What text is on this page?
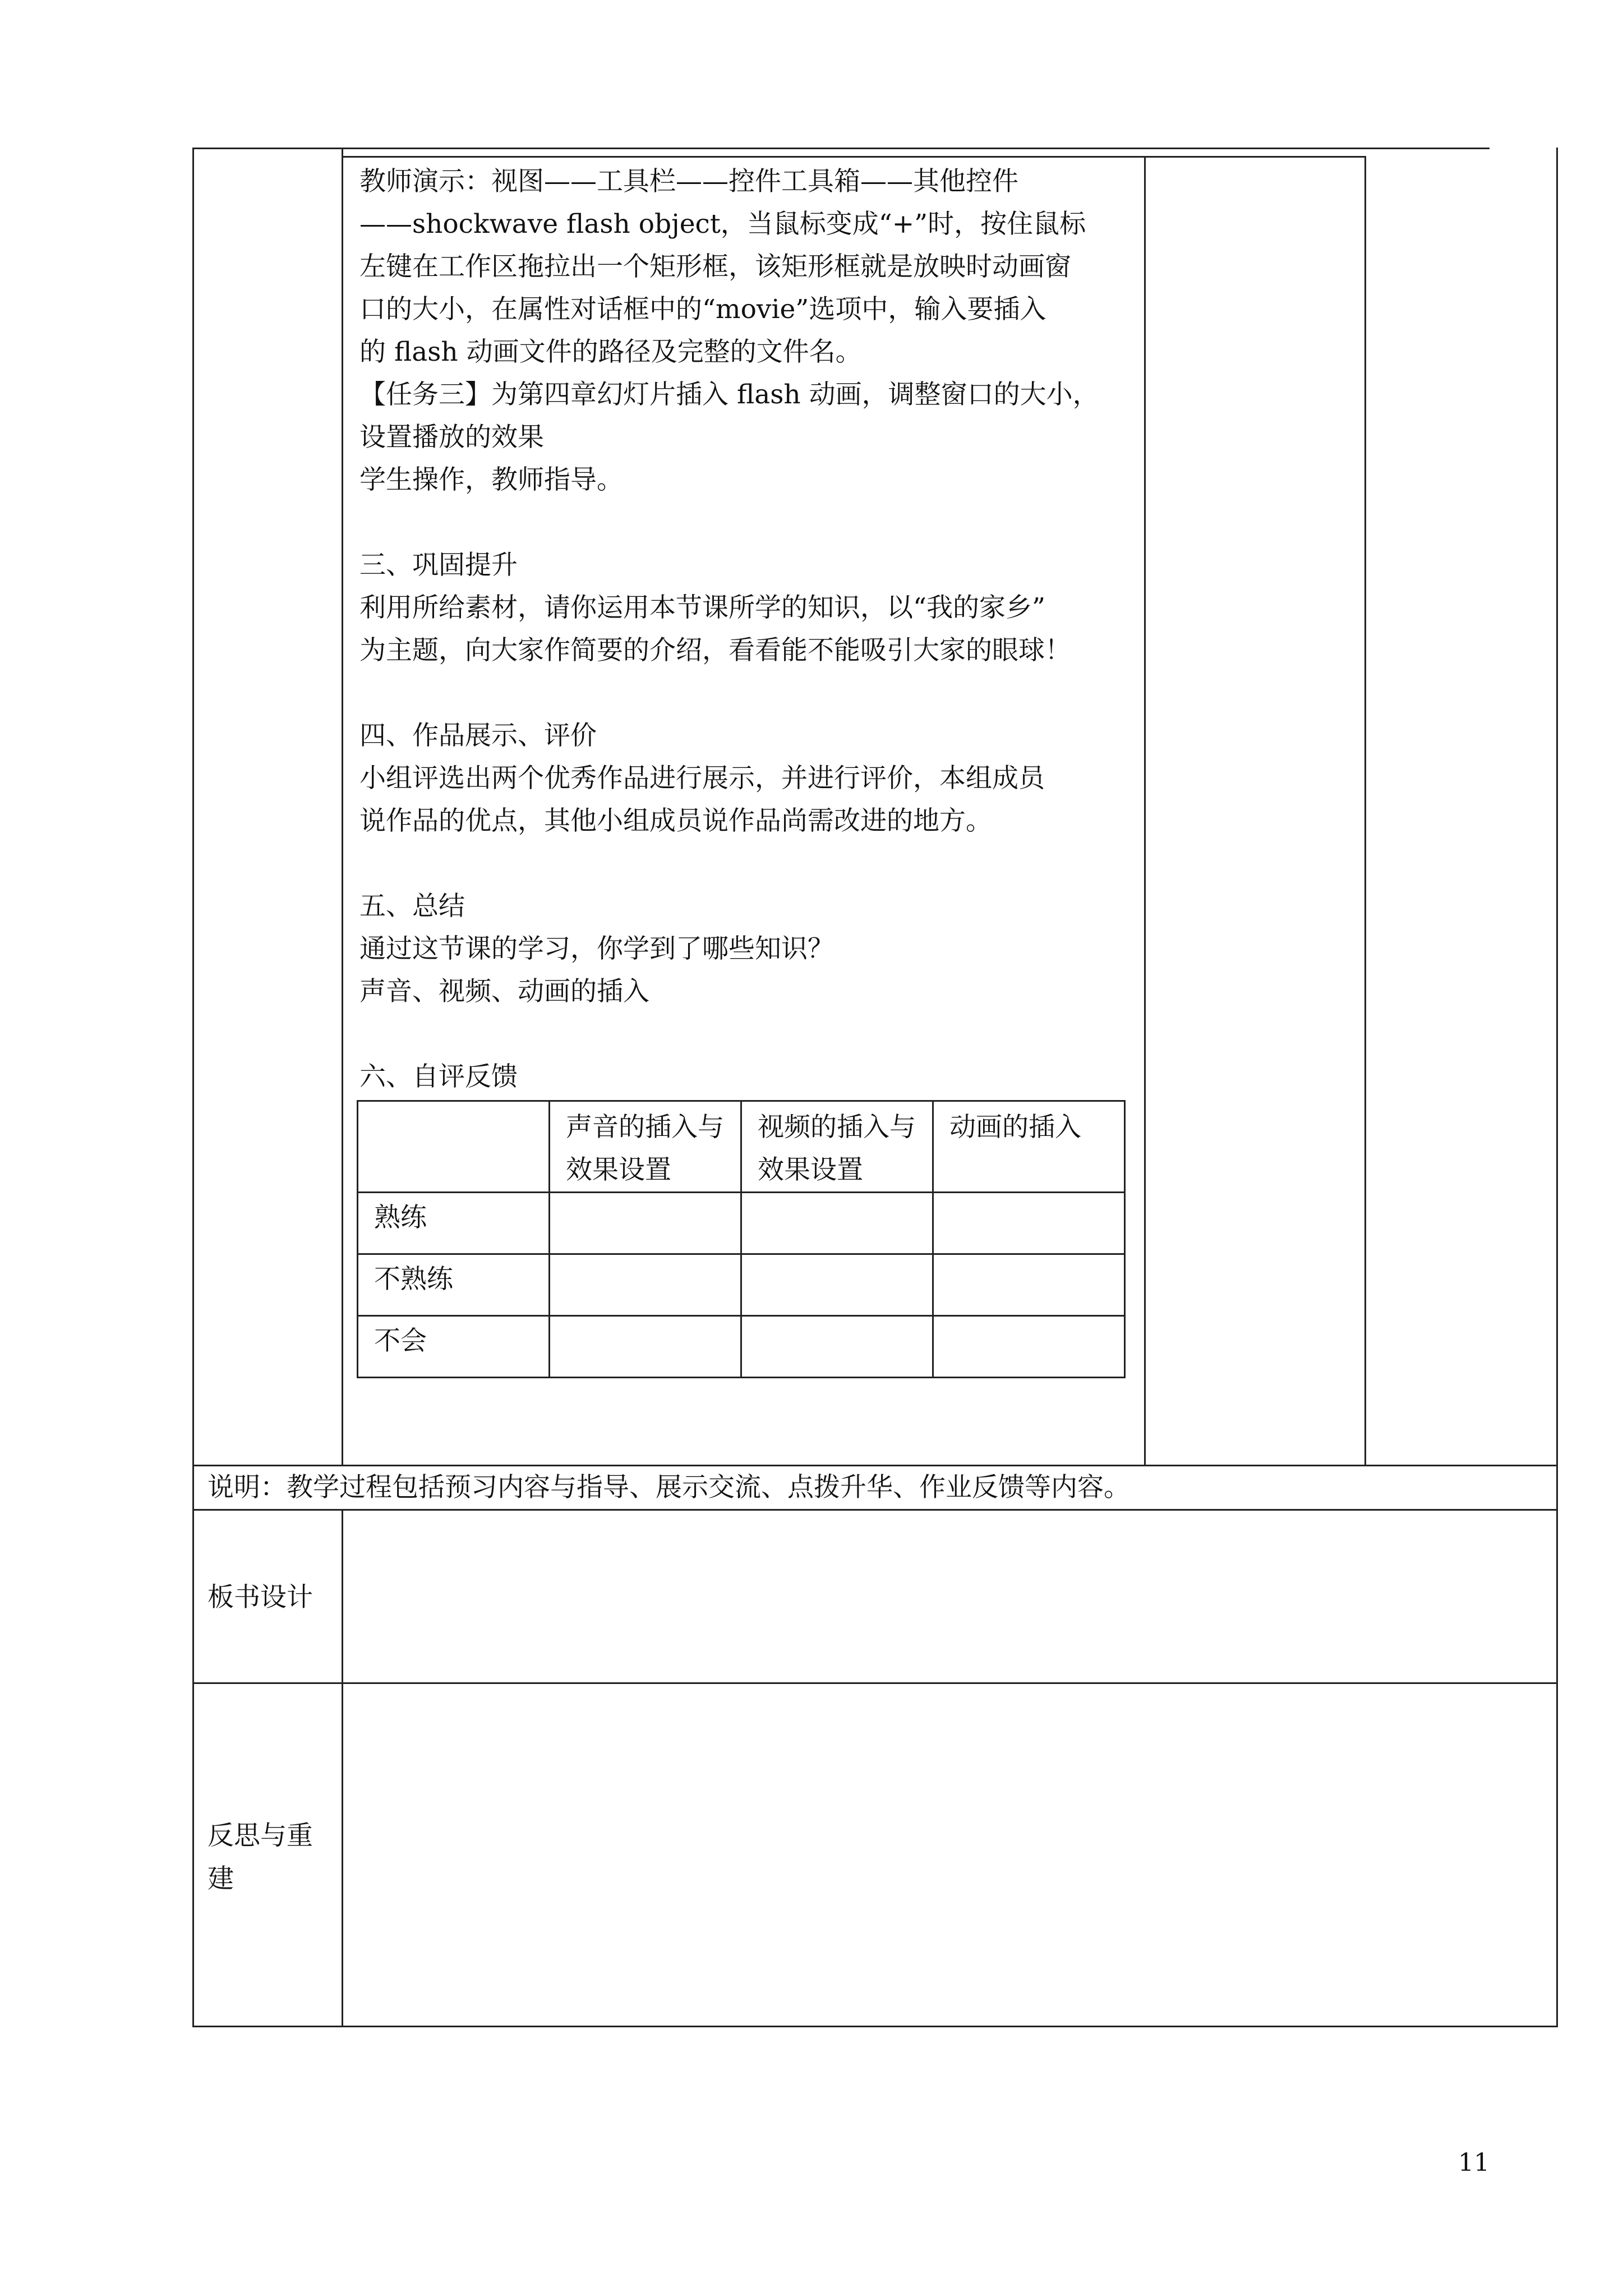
教师演示：视图——工具栏——控件工具箱——其他控件
——shockwave flash object，当鼠标变成“+”时，按住鼠标
左键在工作区拖拉出一个矩形框，该矩形框就是放映时动画窗
口的大小，在属性对话框中的“movie”选项中，输入要插入
的 flash 动画文件的路径及完整的文件名。
【任务三】为第四章幻灯片插入 flash 动画，调整窗口的大小，
设置播放的效果
学生操作，教师指导。
三、巩固提升
利用所给素材，请你运用本节课所学的知识，以“我的家乡”
为主题，向大家作简要的介绍，看看能不能吸引大家的眼球！
四、作品展示、评价
小组评选出两个优秀作品进行展示，并进行评价，本组成员
说作品的优点，其他小组成员说作品尚需改进的地方。
五、总结
通过这节课的学习，你学到了哪些知识？
声音、视频、动画的插入
六、自评反馈
	声音的插入与效果设置	视频的插入与效果设置	动画的插入
熟练			
不熟练			
不会			
说明：教学过程包括预习内容与指导、展示交流、点拨升华、作业反馈等内容。
板书设计
反思与重
建
11
